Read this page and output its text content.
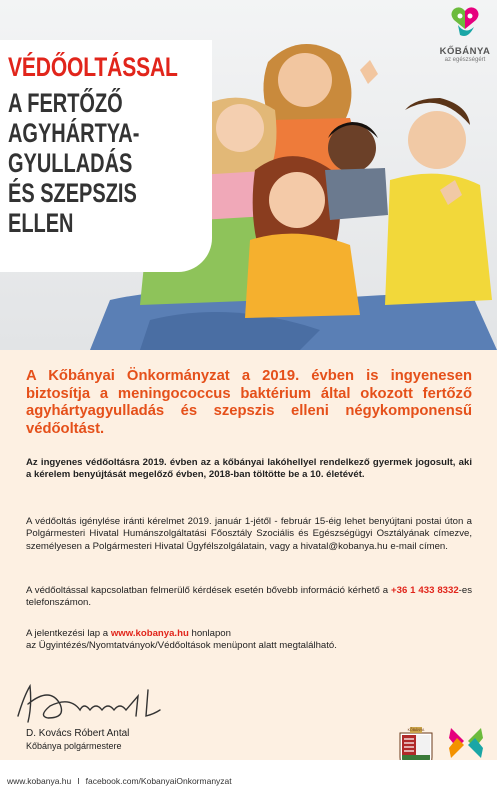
VÉDŐOLTÁSSAL
A FERTŐZŐ
AGYHÁRTYA-
GYULLADÁS
ÉS SZEPSZIS
ELLEN
KŐBÁNYA
az egészségért

A Kőbányai Önkormányzat a 2019. évben is ingyenesen biztosítja a meningococcus baktérium által okozott fertőző agyhártyagyulladás és szepszis elleni négykomponensű védőoltást.

Az ingyenes védőoltásra 2019. évben az a kőbányai lakóhellyel rendelkező gyermek jogosult, aki a kérelem benyújtását megelőző évben, 2018-ban töltötte be a 10. életévét.

A védőoltás igénylése iránti kérelmet 2019. január 1-jétől - február 15-éig lehet benyújtani postai úton a Polgármesteri Hivatal Humánszolgáltatási Főosztály Szociális és Egészségügyi Osztályának címezve, személyesen a Polgármesteri Hivatal Ügyfélszolgálatain, vagy a hivatal@kobanya.hu e-mail címen.

A védőoltással kapcsolatban felmerülő kérdések esetén bővebb információ kérhető a +36 1 433 8332-es telefonszámon.

A jelentkezési lap a www.kobanya.hu honlapon
az Ügyintézés/Nyomtatványok/Védőoltások menüpont alatt megtalálható.

D. Kovács Róbert Antal
Kőbánya polgármestere
KŐBÁNYA
www.kobanya.hu I facebook.com/KobanyaiOnkormanyzat
